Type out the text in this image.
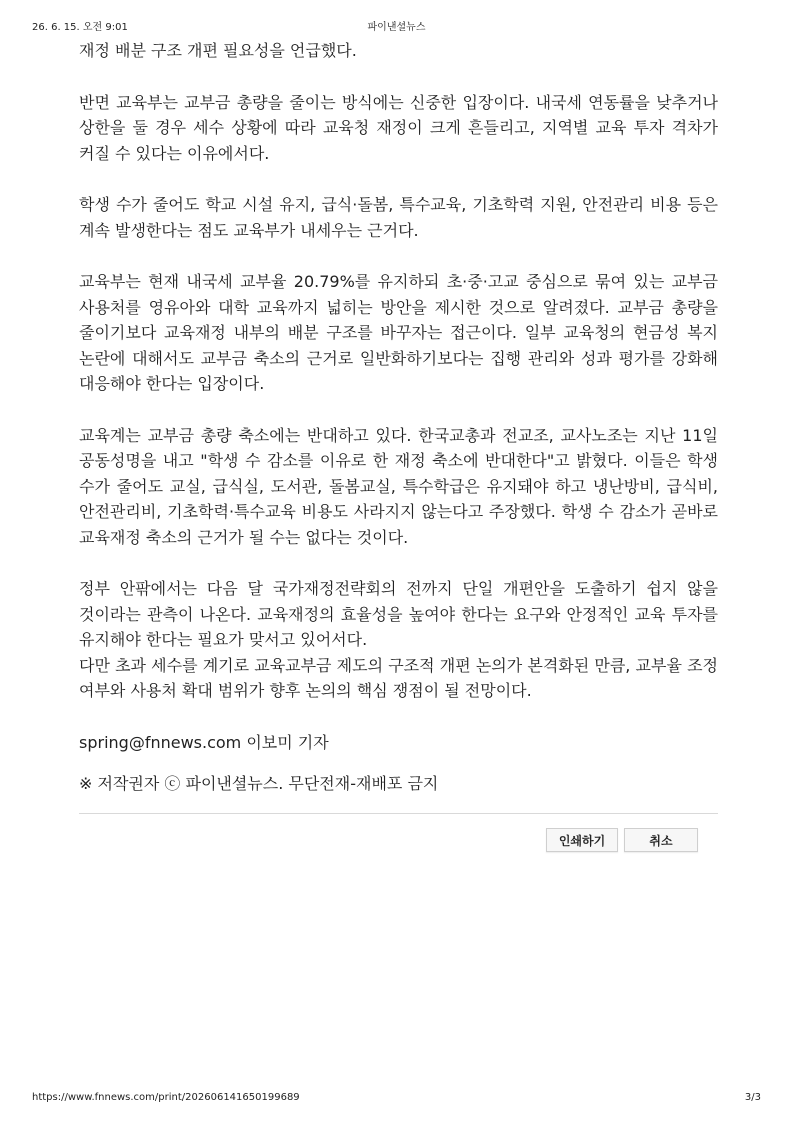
26. 6. 15. 오전 9:01	파이낸셜뉴스

재정 배분 구조 개편 필요성을 언급했다.

반면 교육부는 교부금 총량을 줄이는 방식에는 신중한 입장이다. 내국세 연동률을 낮추거나 상한을 둘 경우 세수 상황에 따라 교육청 재정이 크게 흔들리고, 지역별 교육 투자 격차가 커질 수 있다는 이유에서다.

학생 수가 줄어도 학교 시설 유지, 급식·돌봄, 특수교육, 기초학력 지원, 안전관리 비용 등은 계속 발생한다는 점도 교육부가 내세우는 근거다.

교육부는 현재 내국세 교부율 20.79%를 유지하되 초·중·고교 중심으로 묶여 있는 교부금 사용처를 영유아와 대학 교육까지 넓히는 방안을 제시한 것으로 알려졌다. 교부금 총량을 줄이기보다 교육재정 내부의 배분 구조를 바꾸자는 접근이다. 일부 교육청의 현금성 복지 논란에 대해서도 교부금 축소의 근거로 일반화하기보다는 집행 관리와 성과 평가를 강화해 대응해야 한다는 입장이다.

교육계는 교부금 총량 축소에는 반대하고 있다. 한국교총과 전교조, 교사노조는 지난 11일 공동성명을 내고 "학생 수 감소를 이유로 한 재정 축소에 반대한다"고 밝혔다. 이들은 학생 수가 줄어도 교실, 급식실, 도서관, 돌봄교실, 특수학급은 유지돼야 하고 냉난방비, 급식비, 안전관리비, 기초학력·특수교육 비용도 사라지지 않는다고 주장했다. 학생 수 감소가 곧바로 교육재정 축소의 근거가 될 수는 없다는 것이다.

정부 안팎에서는 다음 달 국가재정전략회의 전까지 단일 개편안을 도출하기 쉽지 않을 것이라는 관측이 나온다. 교육재정의 효율성을 높여야 한다는 요구와 안정적인 교육 투자를 유지해야 한다는 필요가 맞서고 있어서다.

다만 초과 세수를 계기로 교육교부금 제도의 구조적 개편 논의가 본격화된 만큼, 교부율 조정 여부와 사용처 확대 범위가 향후 논의의 핵심 쟁점이 될 전망이다.

spring@fnnews.com 이보미 기자
※ 저작권자 ⓒ 파이낸셜뉴스. 무단전재-재배포 금지
인쇄하기	취소
https://www.fnnews.com/print/202606141650199689	3/3
